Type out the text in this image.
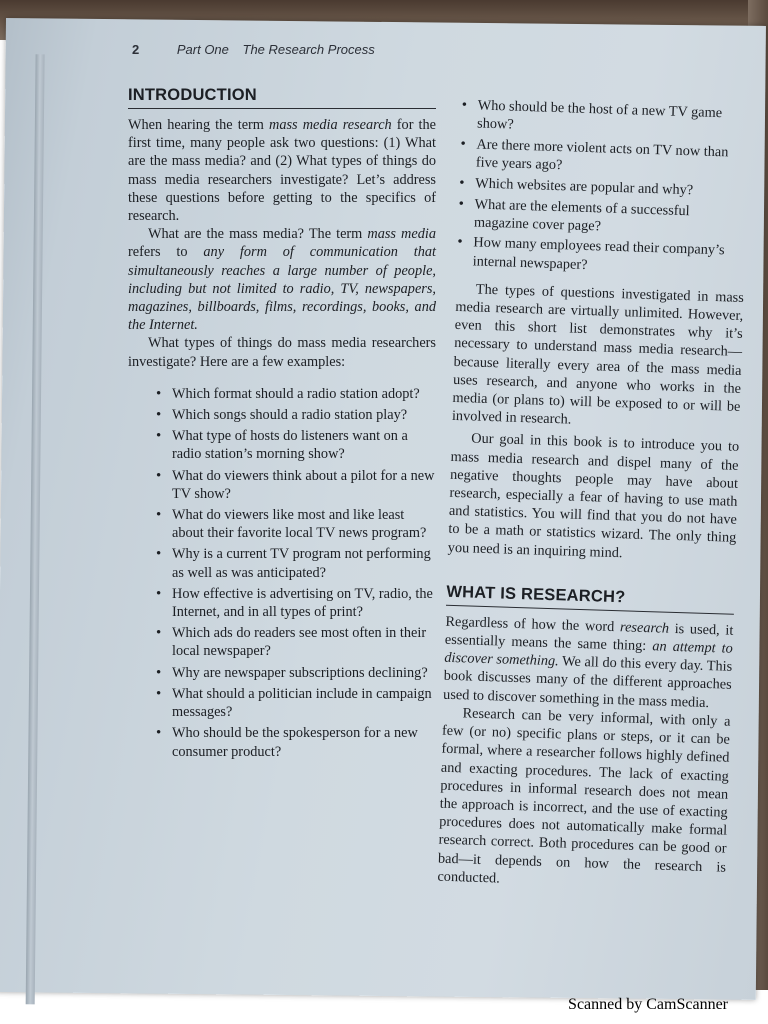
2	Part One The Research Process
INTRODUCTION

When hearing the term mass media research for the first time, many people ask two questions: (1) What are the mass media? and (2) What types of things do mass media researchers investigate? Let’s address these questions before getting to the specifics of research.

What are the mass media? The term mass media refers to any form of communication that simultaneously reaches a large number of people, including but not limited to radio, TV, newspapers, magazines, billboards, films, recordings, books, and the Internet.

What types of things do mass media researchers investigate? Here are a few examples:

• Which format should a radio station adopt?
• Which songs should a radio station play?
• What type of hosts do listeners want on a radio station’s morning show?
• What do viewers think about a pilot for a new TV show?
• What do viewers like most and like least about their favorite local TV news program?
• Why is a current TV program not performing as well as was anticipated?
• How effective is advertising on TV, radio, the Internet, and in all types of print?
• Which ads do readers see most often in their local newspaper?
• Why are newspaper subscriptions declining?
• What should a politician include in campaign messages?
• Who should be the spokesperson for a new consumer product?
• Who should be the host of a new TV game show?
• Are there more violent acts on TV now than five years ago?
• Which websites are popular and why?
• What are the elements of a successful magazine cover page?
• How many employees read their company’s internal newspaper?

The types of questions investigated in mass media research are virtually unlimited. However, even this short list demonstrates why it’s necessary to understand mass media research—because literally every area of the mass media uses research, and anyone who works in the media (or plans to) will be exposed to or will be involved in research.

Our goal in this book is to introduce you to mass media research and dispel many of the negative thoughts people may have about research, especially a fear of having to use math and statistics. You will find that you do not have to be a math or statistics wizard. The only thing you need is an inquiring mind.

WHAT IS RESEARCH?

Regardless of how the word research is used, it essentially means the same thing: an attempt to discover something. We all do this every day. This book discusses many of the different approaches used to discover something in the mass media.

Research can be very informal, with only a few (or no) specific plans or steps, or it can be formal, where a researcher follows highly defined and exacting procedures. The lack of exacting procedures in informal research does not mean the approach is incorrect, and the use of exacting procedures does not automatically make formal research correct. Both procedures can be good or bad—it depends on how the research is conducted.

Scanned by CamScanner
